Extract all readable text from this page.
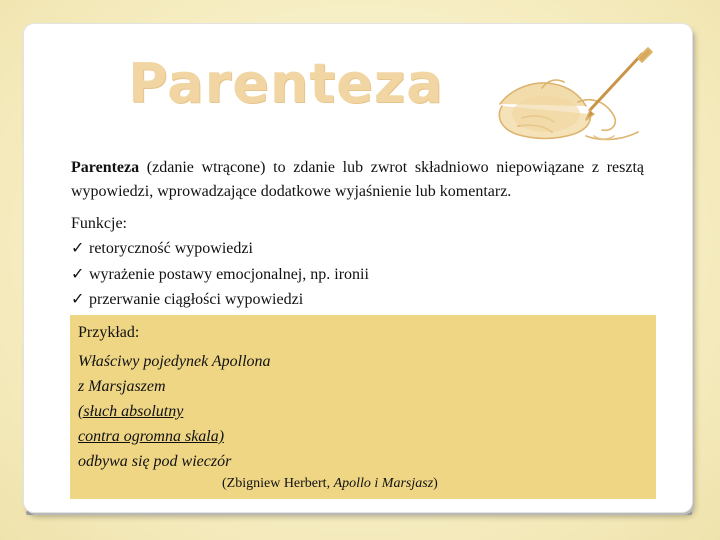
Parenteza
Parenteza (zdanie wtrącone) to zdanie lub zwrot składniowo niepowiązane z resztą wypowiedzi, wprowadzające dodatkowe wyjaśnienie lub komentarz.
Funkcje:
✓ retoryczność wypowiedzi
✓ wyrażenie postawy emocjonalnej, np. ironii
✓ przerwanie ciągłości wypowiedzi
Przykład:
Właściwy pojedynek Apollona
z Marsjaszem
(słuch absolutny
contra ogromna skala)
odbywa się pod wieczór
(Zbigniew Herbert, Apollo i Marsjasz)
